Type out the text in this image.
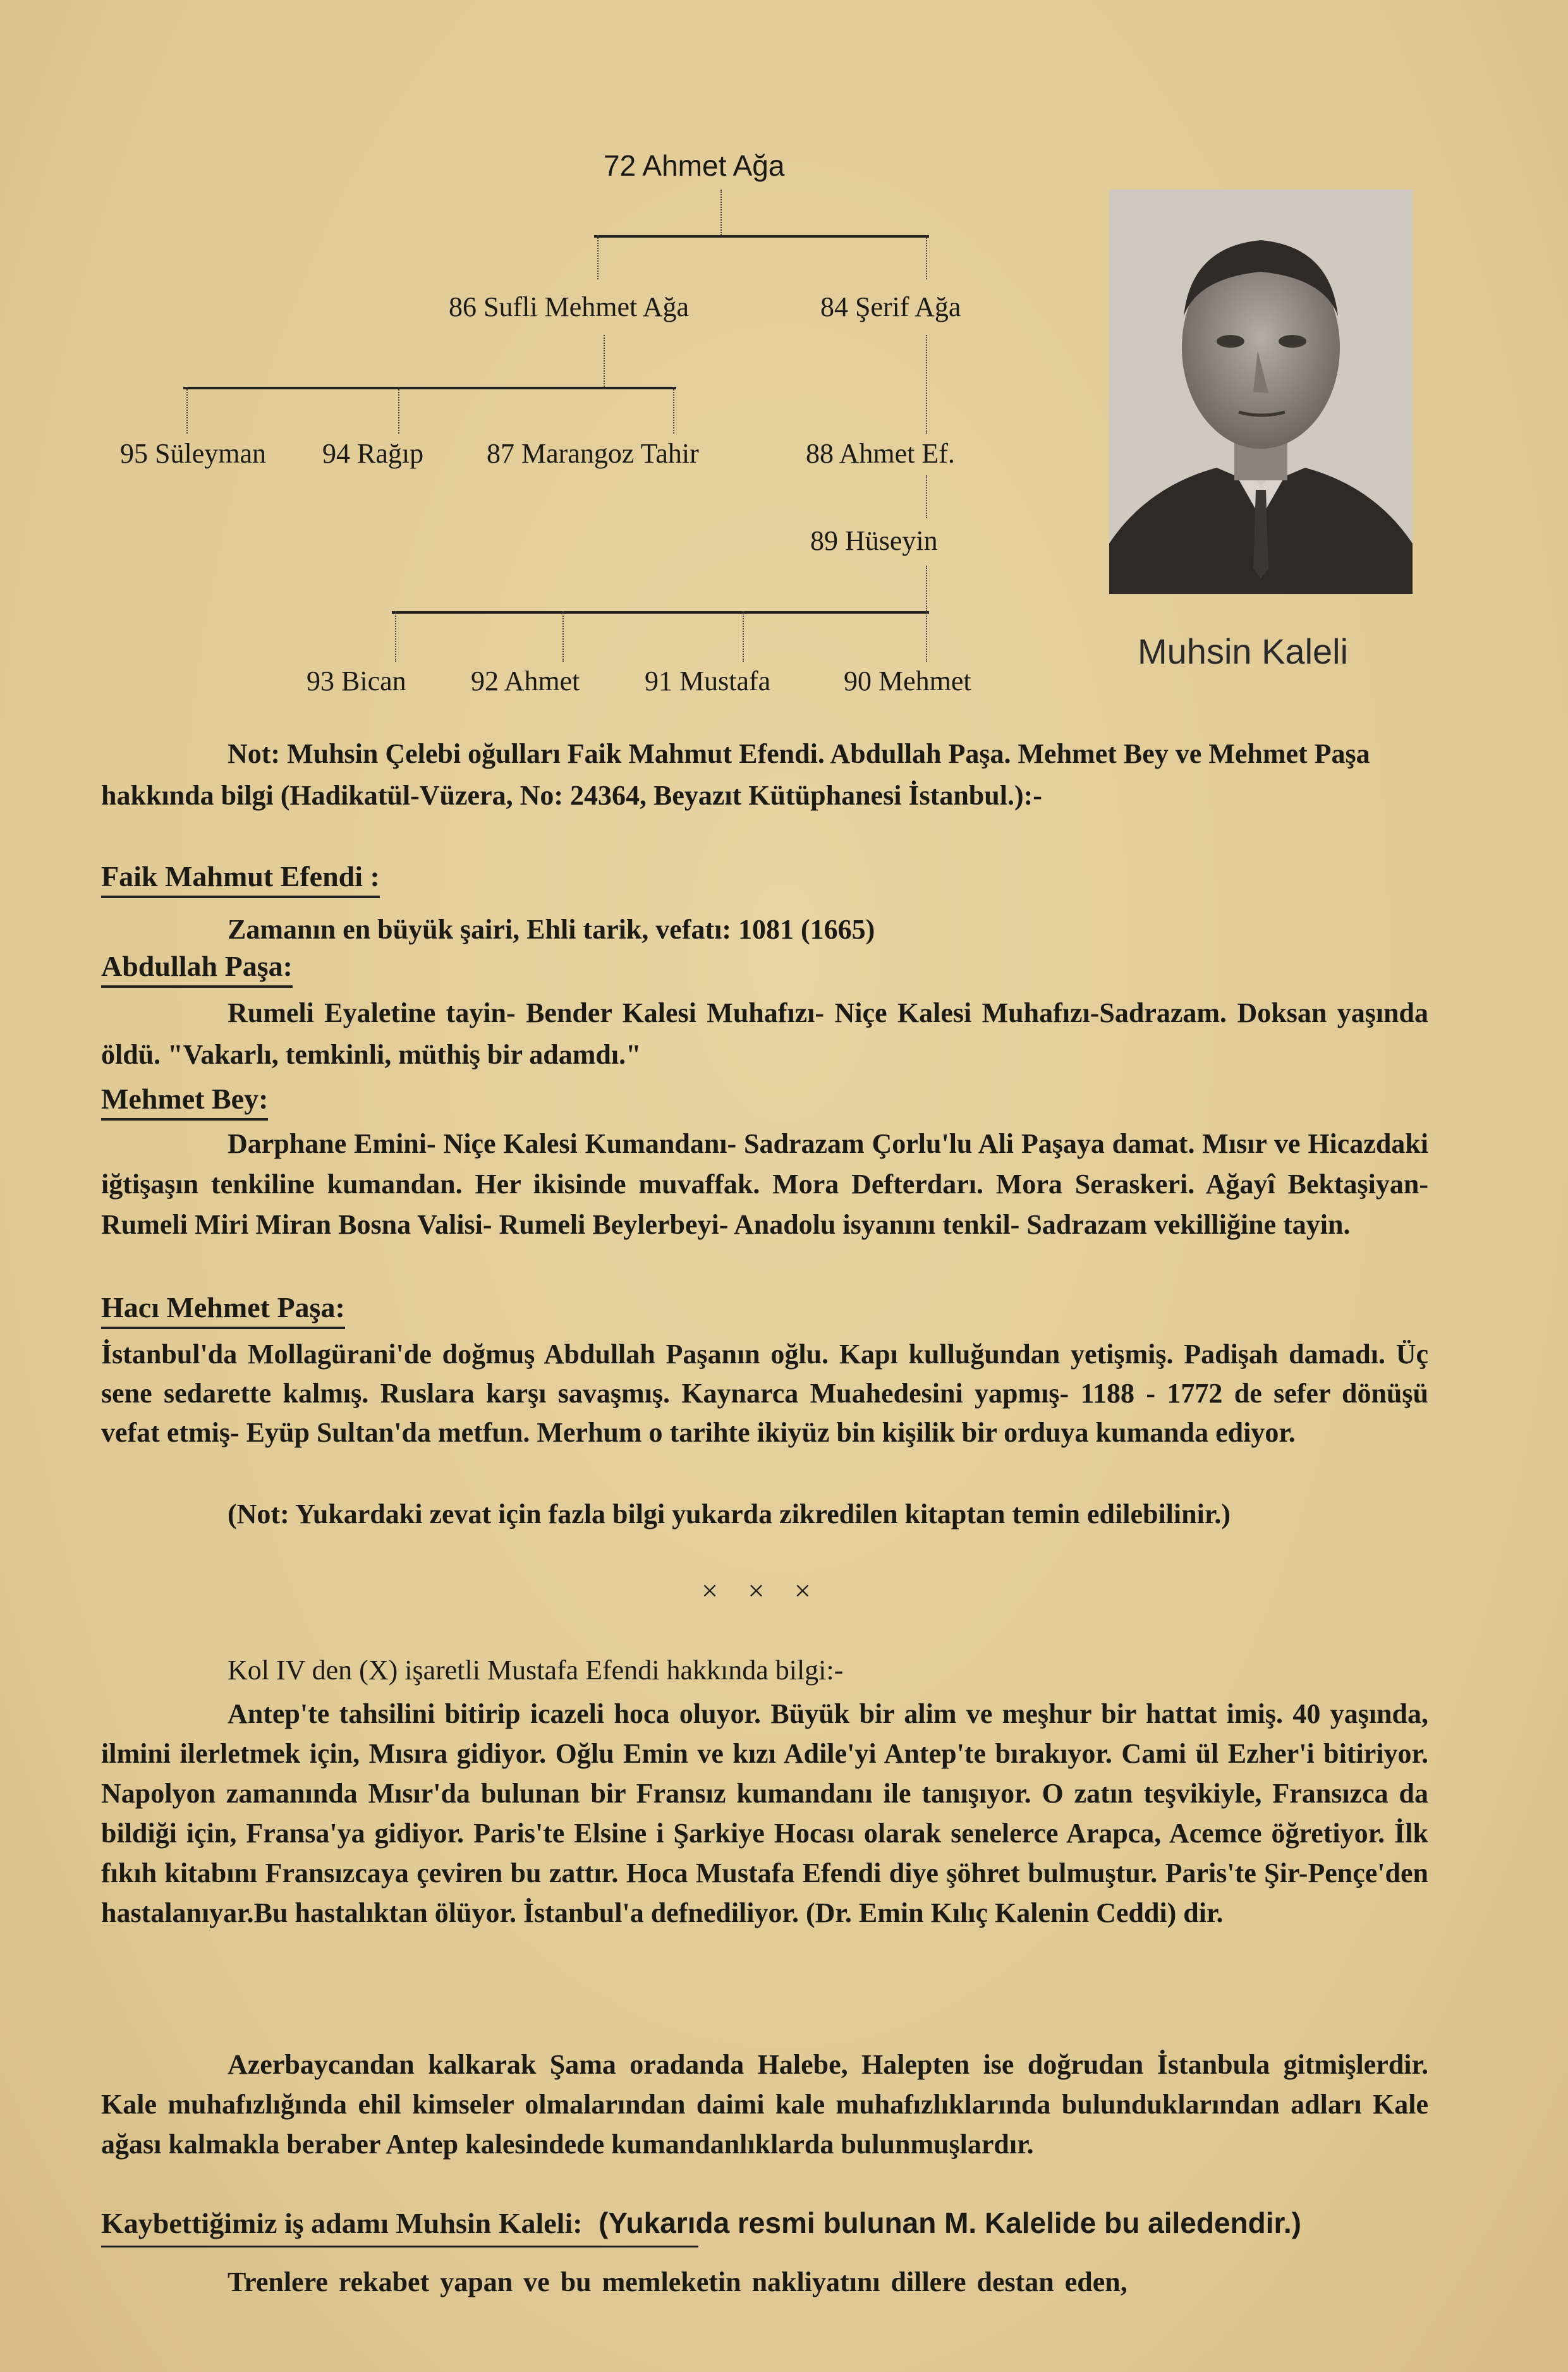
72 Ahmet Ağa
86 Sufli Mehmet Ağa	84 Şerif Ağa
95 Süleyman 94 Rağıp 87 Marangoz Tahir	88 Ahmet Ef.
89 Hüseyin
93 Bican 92 Ahmet 91 Mustafa	90 Mehmet
Muhsin Kaleli
Not: Muhsin Çelebi oğulları Faik Mahmut Efendi. Abdullah Paşa. Mehmet Bey ve Mehmet Paşa hakkında bilgi (Hadikatül-Vüzera, No: 24364, Beyazıt Kütüphanesi İstanbul.):-
Faik Mahmut Efendi :
Zamanın en büyük şairi, Ehli tarik, vefatı: 1081 (1665)
Abdullah Paşa:
Rumeli Eyaletine tayin- Bender Kalesi Muhafızı- Niçe Kalesi Muhafızı-Sadrazam. Doksan yaşında öldü. "Vakarlı, temkinli, müthiş bir adamdı."
Mehmet Bey:
Darphane Emini- Niçe Kalesi Kumandanı- Sadrazam Çorlu'lu Ali Paşaya damat. Mısır ve Hicazdaki iğtişaşın tenkiline kumandan. Her ikisinde muvaffak. Mora Defterdarı. Mora Seraskeri. Ağayî Bektaşiyan-Rumeli Miri Miran Bosna Valisi- Rumeli Beylerbeyi- Anadolu isyanını tenkil- Sadrazam vekilliğine tayin.
Hacı Mehmet Paşa:
İstanbul'da Mollagürani'de doğmuş Abdullah Paşanın oğlu. Kapı kulluğundan yetişmiş. Padişah damadı. Üç sene sedarette kalmış. Ruslara karşı savaşmış. Kaynarca Muahedesini yapmış- 1188 - 1772 de sefer dönüşü vefat etmiş- Eyüp Sultan'da metfun. Merhum o tarihte ikiyüz bin kişilik bir orduya kumanda ediyor.
(Not: Yukardaki zevat için fazla bilgi yukarda zikredilen kitaptan temin edilebilinir.)
× × ×
Kol IV den (X) işaretli Mustafa Efendi hakkında bilgi:-
Antep'te tahsilini bitirip icazeli hoca oluyor. Büyük bir alim ve meşhur bir hattat imiş. 40 yaşında, ilmini ilerletmek için, Mısıra gidiyor. Oğlu Emin ve kızı Adile'yi Antep'te bırakıyor. Cami ül Ezher'i bitiriyor. Napolyon zamanında Mısır'da bulunan bir Fransız kumandanı ile tanışıyor. O zatın teşvikiyle, Fransızca da bildiği için, Fransa'ya gidiyor. Paris'te Elsine i Şarkiye Hocası olarak senelerce Arapca, Acemce öğretiyor. İlk fıkıh kitabını Fransızcaya çeviren bu zattır. Hoca Mustafa Efendi diye şöhret bulmuştur. Paris'te Şir-Pençe'den hastalanıyar.Bu hastalıktan ölüyor. İstanbul'a defnediliyor. (Dr. Emin Kılıç Kalenin Ceddi) dir.
Azerbaycandan kalkarak Şama oradanda Halebe, Halepten ise doğrudan İstanbula gitmişlerdir. Kale muhafızlığında ehil kimseler olmalarından daimi kale muhafızlıklarında bulunduklarından adları Kale ağası kalmakla beraber Antep kalesindede kumandanlıklarda bulunmuşlardır.
Kaybettiğimiz iş adamı Muhsin Kaleli: (Yukarıda resmi bulunan M. Kalelide bu ailedendir.)
Trenlere rekabet yapan ve bu memleketin nakliyatını dillere destan eden,
